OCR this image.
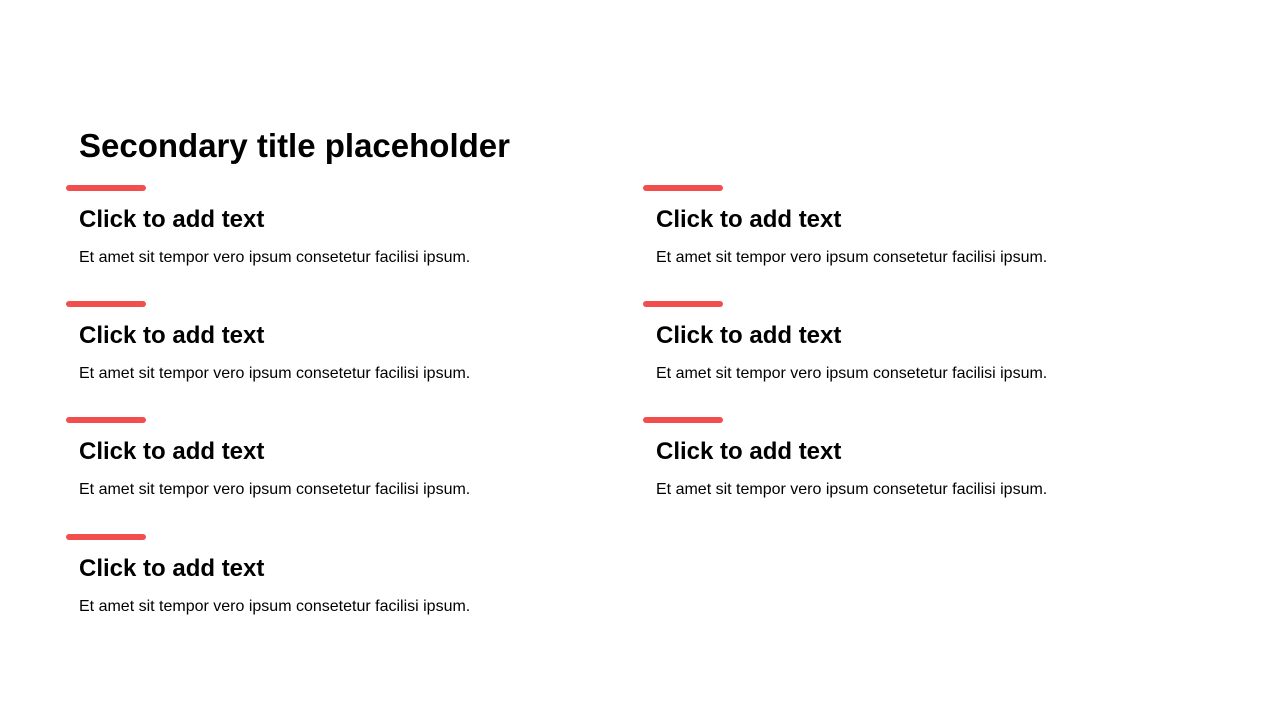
Secondary title placeholder
Click to add text

Et amet sit tempor vero ipsum consetetur facilisi ipsum.

Click to add text

Et amet sit tempor vero ipsum consetetur facilisi ipsum.

Click to add text

Et amet sit tempor vero ipsum consetetur facilisi ipsum.

Click to add text

Et amet sit tempor vero ipsum consetetur facilisi ipsum.

Click to add text

Et amet sit tempor vero ipsum consetetur facilisi ipsum.

Click to add text

Et amet sit tempor vero ipsum consetetur facilisi ipsum.

Click to add text

Et amet sit tempor vero ipsum consetetur facilisi ipsum.
